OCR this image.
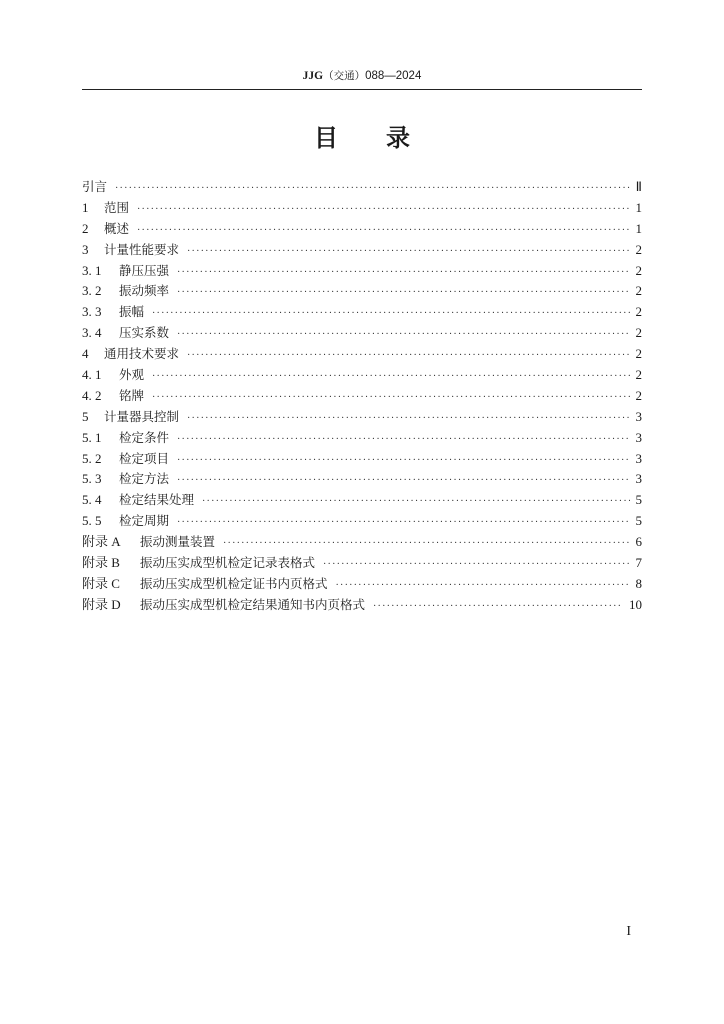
JJG（交通）088—2024
目录
引言 ·····	Ⅱ
1	范围 ·····	1
2	概述 ·····	1
3	计量性能要求 ·····	2
3. 1	静压压强 ·····	2
3. 2	振动频率 ·····	2
3. 3	振幅 ·····	2
3. 4	压实系数 ·····	2
4	通用技术要求 ·····	2
4. 1	外观 ·····	2
4. 2	铭牌 ·····	2
5	计量器具控制 ·····	3
5. 1	检定条件 ·····	3
5. 2	检定项目 ·····	3
5. 3	检定方法 ·····	3
5. 4	检定结果处理 ·····	5
5. 5	检定周期 ·····	5
附录 A	振动测量装置 ·····	6
附录 B	振动压实成型机检定记录表格式 ·····	7
附录 C	振动压实成型机检定证书内页格式 ·····	8
附录 D	振动压实成型机检定结果通知书内页格式 ·····	10
I
